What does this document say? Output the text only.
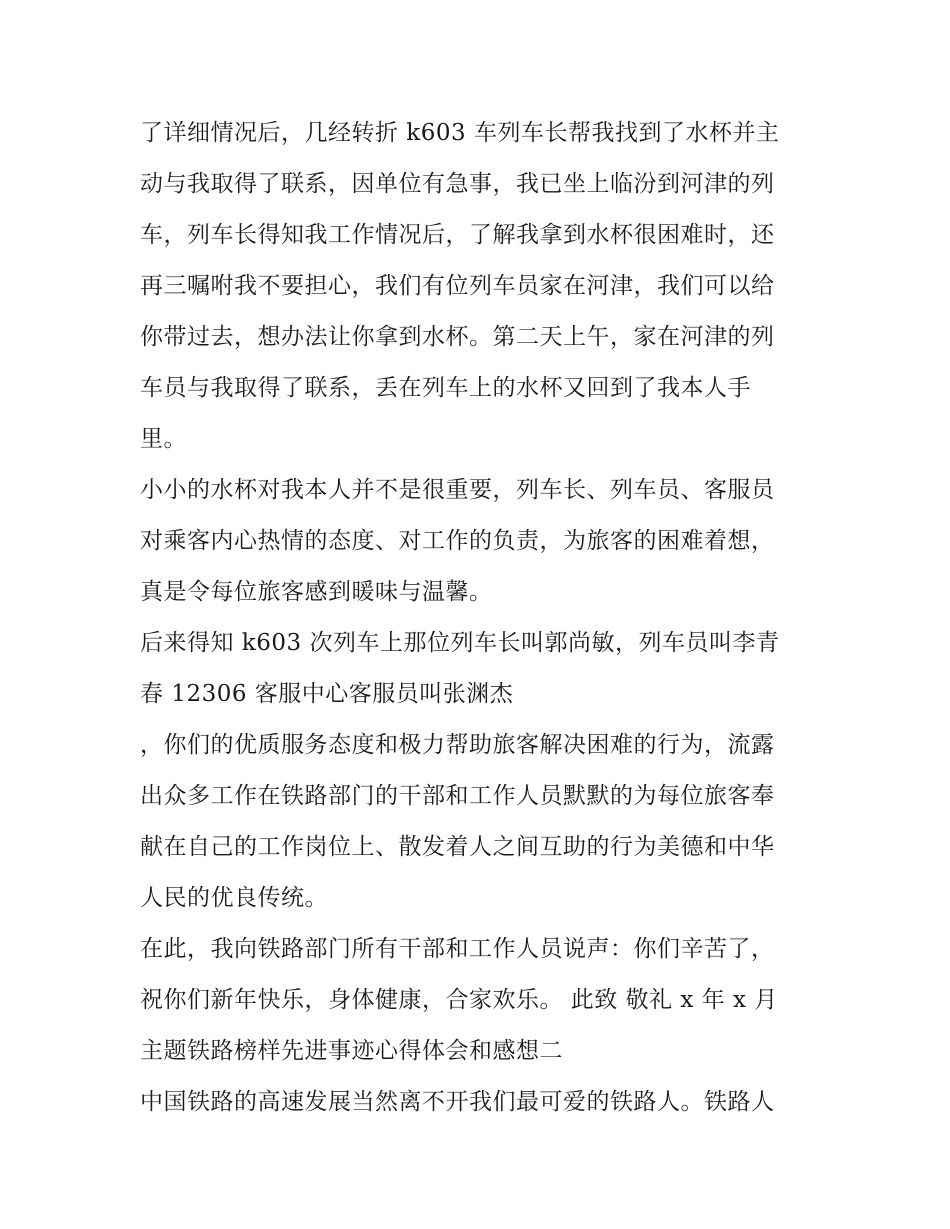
了详细情况后，几经转折 k603 车列车长帮我找到了水杯并主
动与我取得了联系，因单位有急事，我已坐上临汾到河津的列
车，列车长得知我工作情况后，了解我拿到水杯很困难时，还
再三嘱咐我不要担心，我们有位列车员家在河津，我们可以给
你带过去，想办法让你拿到水杯。第二天上午，家在河津的列
车员与我取得了联系，丢在列车上的水杯又回到了我本人手
里。
小小的水杯对我本人并不是很重要，列车长、列车员、客服员
对乘客内心热情的态度、对工作的负责，为旅客的困难着想，
真是令每位旅客感到暖味与温馨。
后来得知 k603 次列车上那位列车长叫郭尚敏，列车员叫李青
春 12306 客服中心客服员叫张渊杰
，你们的优质服务态度和极力帮助旅客解决困难的行为，流露
出众多工作在铁路部门的干部和工作人员默默的为每位旅客奉
献在自己的工作岗位上、散发着人之间互助的行为美德和中华
人民的优良传统。
在此，我向铁路部门所有干部和工作人员说声：你们辛苦了，
祝你们新年快乐，身体健康，合家欢乐。 此致 敬礼 x 年 x 月
主题铁路榜样先进事迹心得体会和感想二
中国铁路的高速发展当然离不开我们最可爱的铁路人。铁路人
